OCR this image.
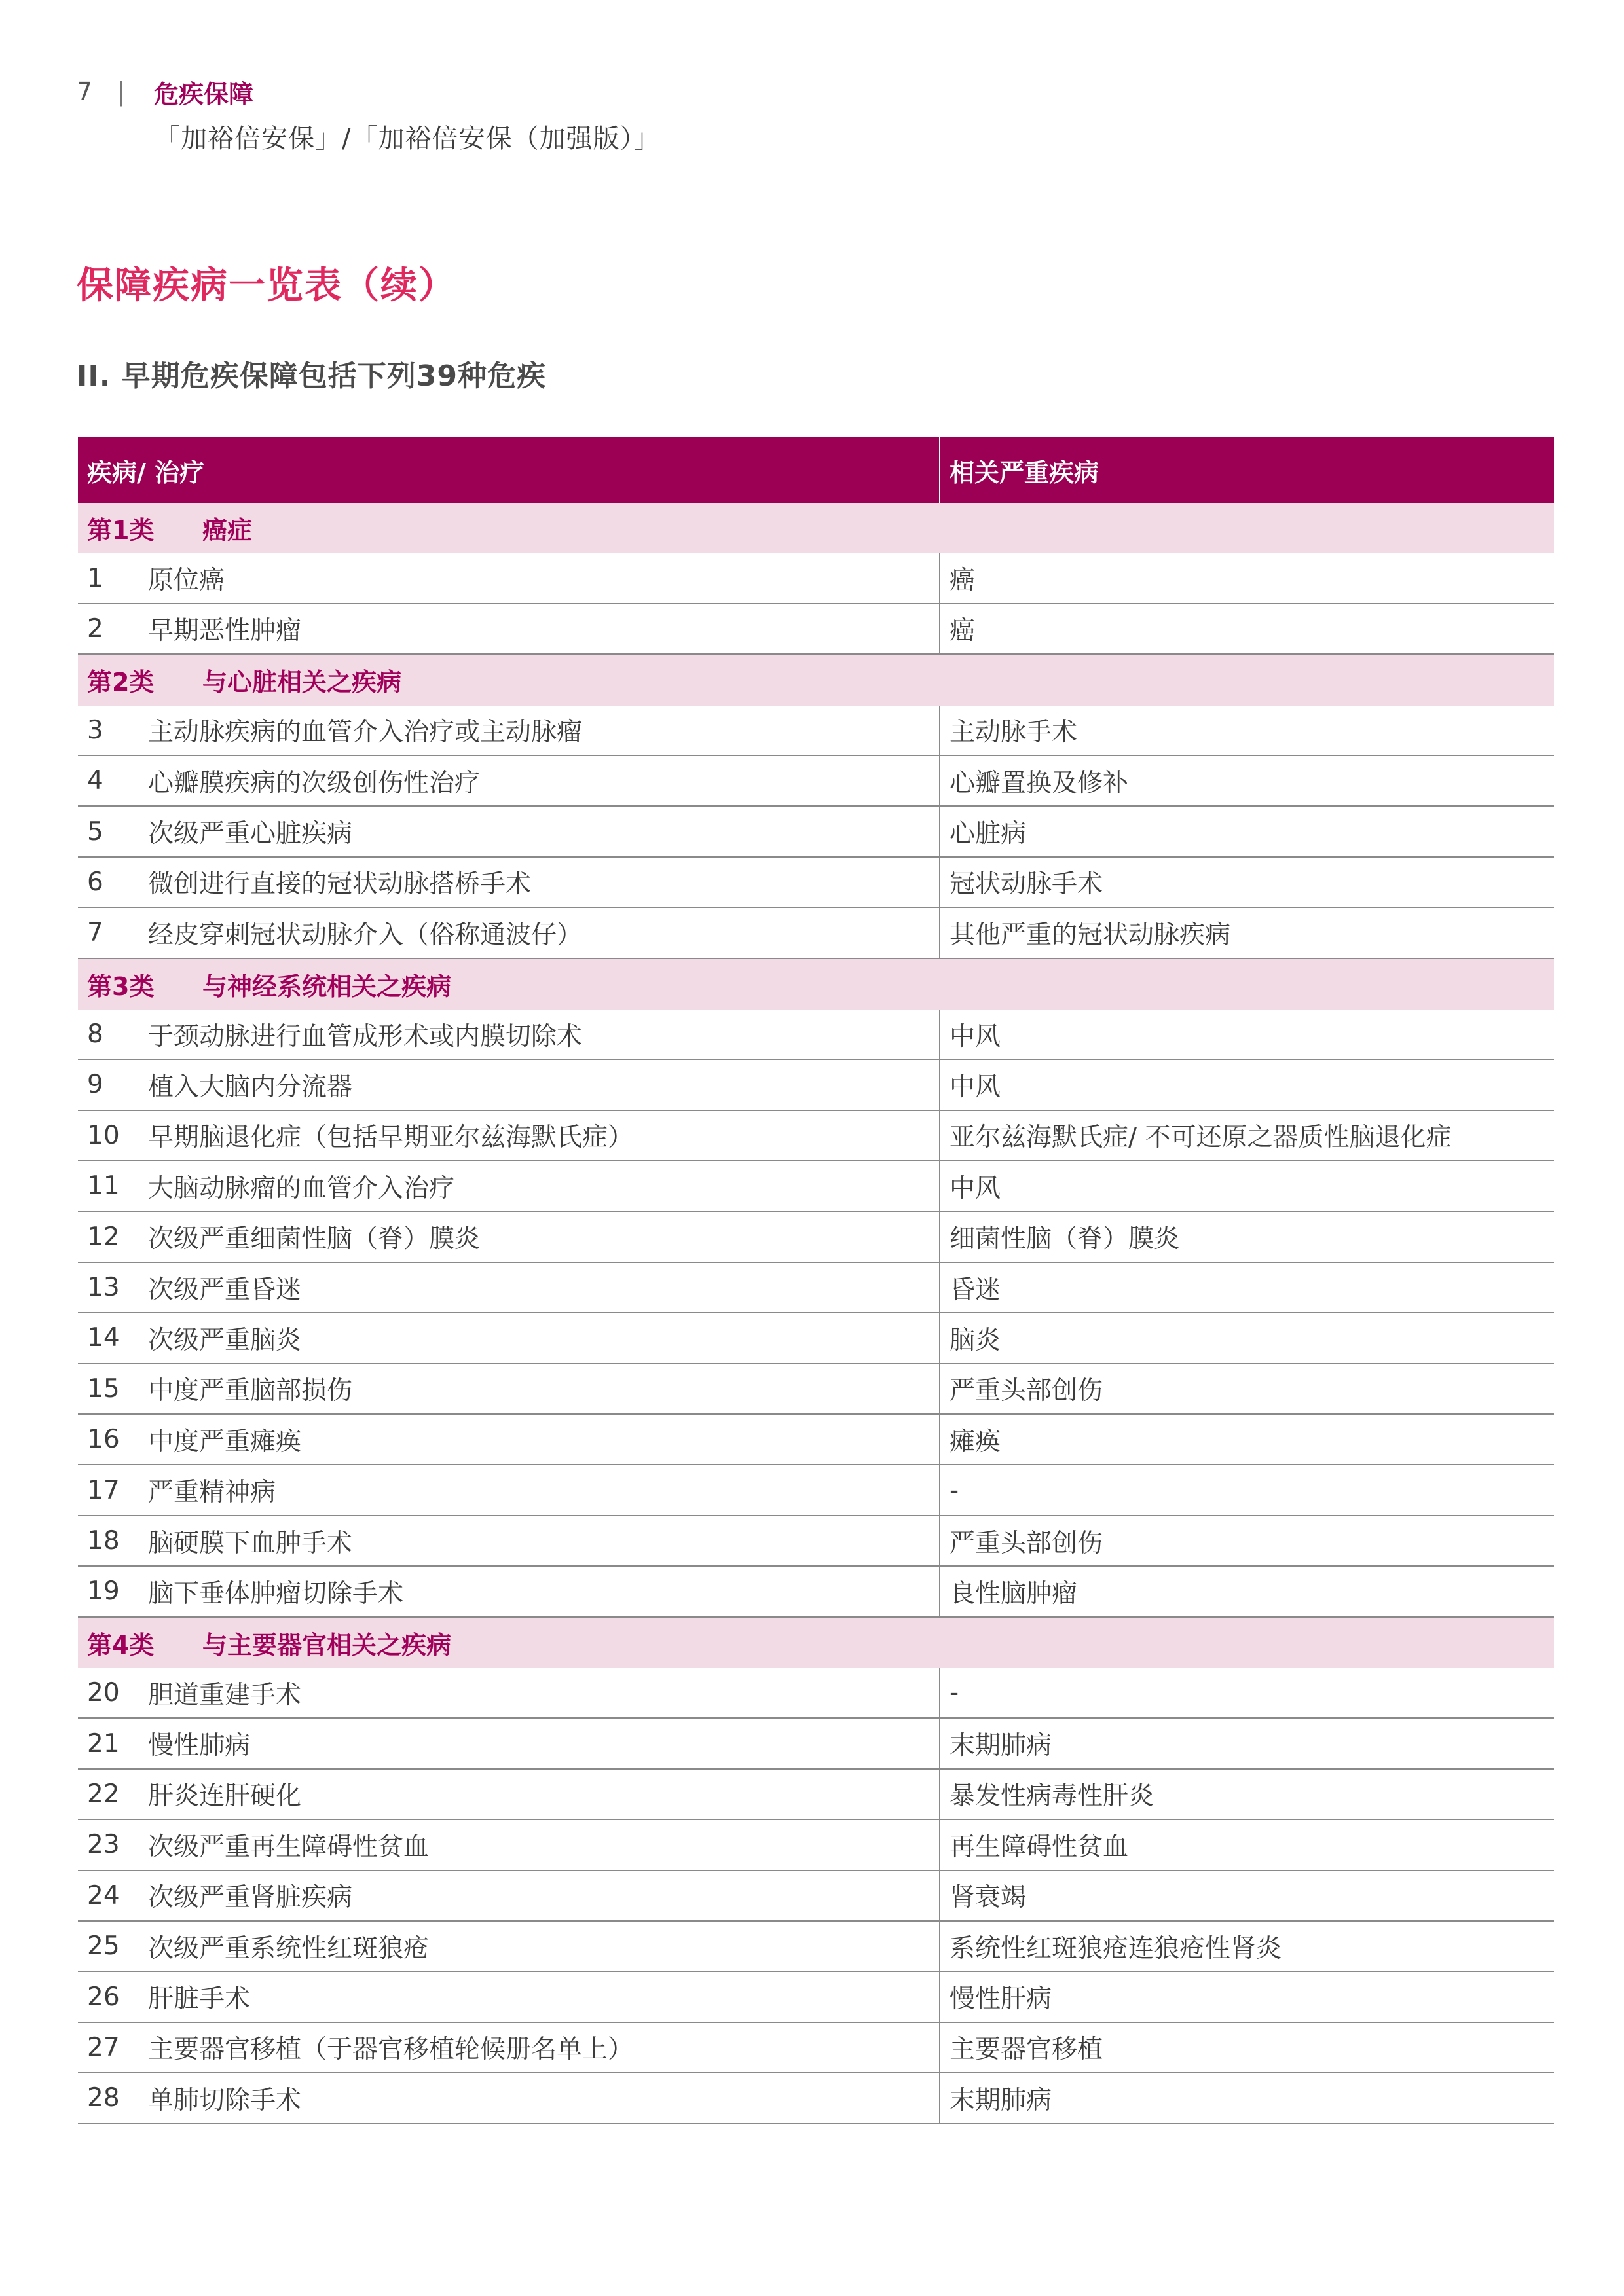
7 |	危疾保障
「加裕倍安保」/「加裕倍安保（加强版）」
保障疾病一览表（续）
II. 早期危疾保障包括下列39种危疾
疾病/ 治疗	相关严重疾病
第1类	癌症
1	原位癌	癌
2	早期恶性肿瘤	癌
第2类	与心脏相关之疾病
3	主动脉疾病的血管介入治疗或主动脉瘤	主动脉手术
4	心瓣膜疾病的次级创伤性治疗	心瓣置换及修补
5	次级严重心脏疾病	心脏病
6	微创进行直接的冠状动脉搭桥手术	冠状动脉手术
7	经皮穿刺冠状动脉介入（俗称通波仔）	其他严重的冠状动脉疾病
第3类	与神经系统相关之疾病
8	于颈动脉进行血管成形术或内膜切除术	中风
9	植入大脑内分流器	中风
10	早期脑退化症（包括早期亚尔兹海默氏症）	亚尔兹海默氏症/ 不可还原之器质性脑退化症
11	大脑动脉瘤的血管介入治疗	中风
12	次级严重细菌性脑（脊）膜炎	细菌性脑（脊）膜炎
13	次级严重昏迷	昏迷
14	次级严重脑炎	脑炎
15	中度严重脑部损伤	严重头部创伤
16	中度严重瘫痪	瘫痪
17	严重精神病	-
18	脑硬膜下血肿手术	严重头部创伤
19	脑下垂体肿瘤切除手术	良性脑肿瘤
第4类	与主要器官相关之疾病
20	胆道重建手术	-
21	慢性肺病	末期肺病
22	肝炎连肝硬化	暴发性病毒性肝炎
23	次级严重再生障碍性贫血	再生障碍性贫血
24	次级严重肾脏疾病	肾衰竭
25	次级严重系统性红斑狼疮	系统性红斑狼疮连狼疮性肾炎
26	肝脏手术	慢性肝病
27	主要器官移植（于器官移植轮候册名单上）	主要器官移植
28	单肺切除手术	末期肺病
